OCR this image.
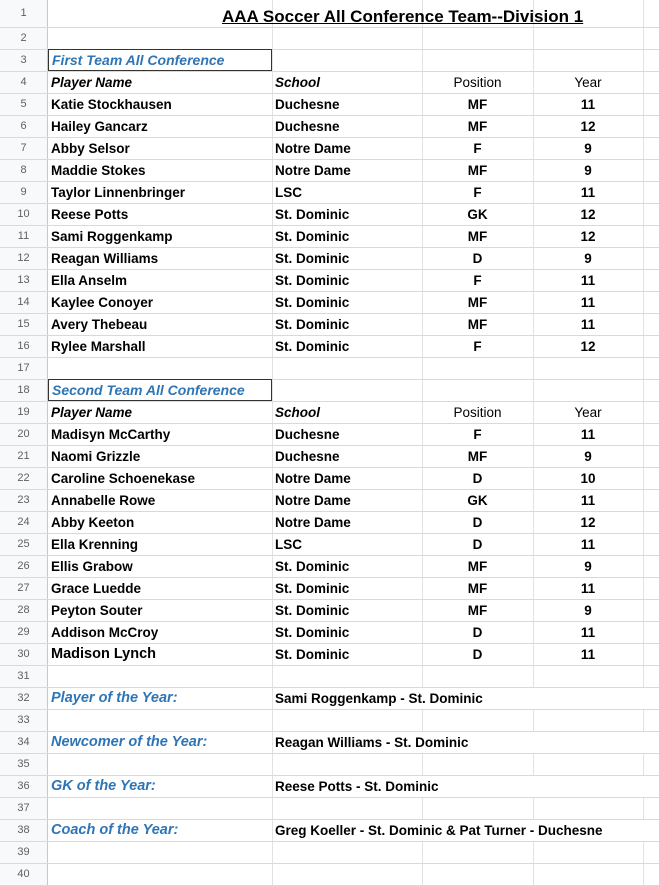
1	AAA Soccer All Conference Team--Division 1
2
3	First Team All Conference
4	Player Name	School	Position	Year
5	Katie Stockhausen	Duchesne	MF	11
6	Hailey Gancarz	Duchesne	MF	12
7	Abby Selsor	Notre Dame	F	9
8	Maddie Stokes	Notre Dame	MF	9
9	Taylor Linnenbringer	LSC	F	11
10	Reese Potts	St. Dominic	GK	12
11	Sami Roggenkamp	St. Dominic	MF	12
12	Reagan Williams	St. Dominic	D	9
13	Ella Anselm	St. Dominic	F	11
14	Kaylee Conoyer	St. Dominic	MF	11
15	Avery Thebeau	St. Dominic	MF	11
16	Rylee Marshall	St. Dominic	F	12
17
18	Second Team All Conference
19	Player Name	School	Position	Year
20	Madisyn McCarthy	Duchesne	F	11
21	Naomi Grizzle	Duchesne	MF	9
22	Caroline Schoenekase	Notre Dame	D	10
23	Annabelle Rowe	Notre Dame	GK	11
24	Abby Keeton	Notre Dame	D	12
25	Ella Krenning	LSC	D	11
26	Ellis Grabow	St. Dominic	MF	9
27	Grace Luedde	St. Dominic	MF	11
28	Peyton Souter	St. Dominic	MF	9
29	Addison McCroy	St. Dominic	D	11
30	Madison Lynch	St. Dominic	D	11
31
32	Player of the Year:	Sami Roggenkamp - St. Dominic
33
34	Newcomer of the Year:	Reagan Williams - St. Dominic
35
36	GK of the Year:	Reese Potts - St. Dominic
37
38	Coach of the Year:	Greg Koeller - St. Dominic & Pat Turner - Duchesne
39
40
